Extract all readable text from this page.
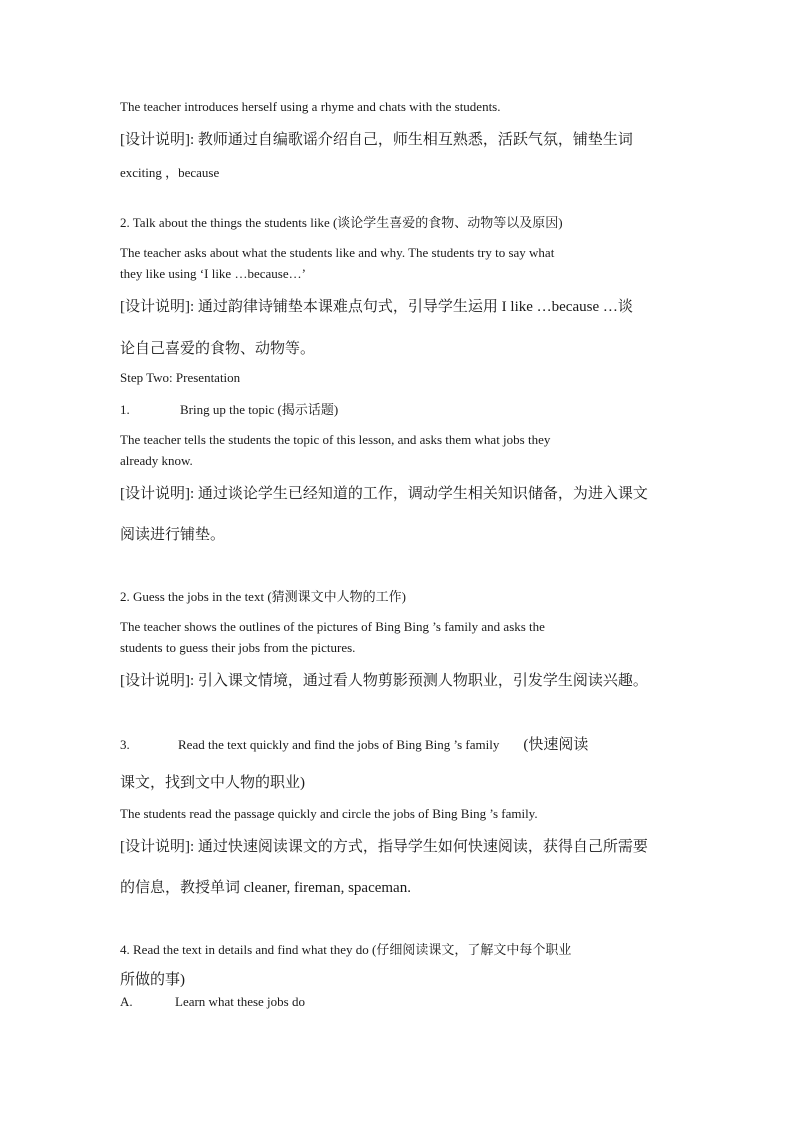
The teacher introduces herself using a rhyme and chats with the students.
[设计说明]: 教师通过自编歌谣介绍自己，师生相互熟悉，活跃气氛，铺垫生词
exciting ，because
2. Talk about the things the students like (谈论学生喜爱的食物、动物等以及原因)
The teacher asks about what the students like and why. The students try to say what
they like using ‘I like …because…’
[设计说明]: 通过韵律诗铺垫本课难点句式，引导学生运用 I like …because …谈
论自己喜爱的食物、动物等。
Step Two: Presentation
1.	Bring up the topic (揭示话题)
The teacher tells the students the topic of this lesson, and asks them what jobs they
already know.
[设计说明]: 通过谈论学生已经知道的工作，调动学生相关知识储备，为进入课文
阅读进行铺垫。
2. Guess the jobs in the text (猜测课文中人物的工作)
The teacher shows the outlines of the pictures of Bing Bing ’s family and asks the
students to guess their jobs from the pictures.
[设计说明]: 引入课文情境，通过看人物剪影预测人物职业，引发学生阅读兴趣。
3.	Read the text quickly and find the jobs of Bing Bing ’s family (快速阅读
课文，找到文中人物的职业)
The students read the passage quickly and circle the jobs of Bing Bing ’s family.
[设计说明]: 通过快速阅读课文的方式，指导学生如何快速阅读，获得自己所需要
的信息，教授单词 cleaner, fireman, spaceman.
4. Read the text in details and find what they do (仔细阅读课文，了解文中每个职业
所做的事)
A.	Learn what these jobs do
